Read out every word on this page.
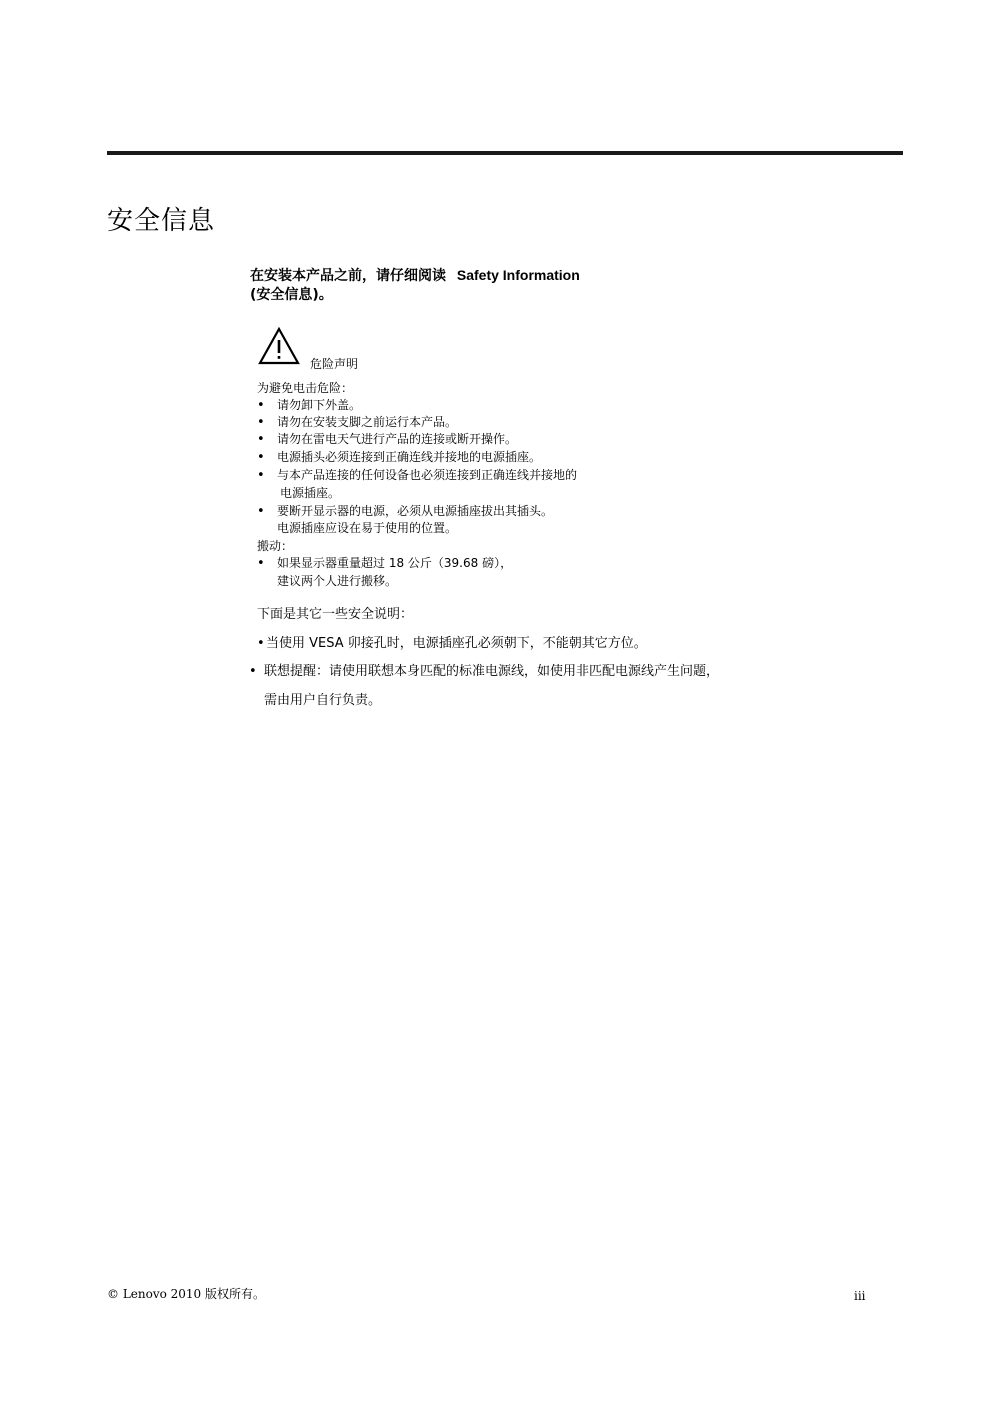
安全信息
在安装本产品之前，请仔细阅读 Safety Information
(安全信息)。
危险声明
为避免电击危险：
• 请勿卸下外盖。
• 请勿在安装支脚之前运行本产品。
• 请勿在雷电天气进行产品的连接或断开操作。
• 电源插头必须连接到正确连线并接地的电源插座。
• 与本产品连接的任何设备也必须连接到正确连线并接地的
电源插座。
• 要断开显示器的电源，必须从电源插座拔出其插头。
电源插座应设在易于使用的位置。
搬动：
• 如果显示器重量超过 18 公斤（39.68 磅），
建议两个人进行搬移。
下面是其它一些安全说明：
• 当使用 VESA 卯接孔时，电源插座孔必须朝下，不能朝其它方位。
• 联想提醒：请使用联想本身匹配的标准电源线，如使用非匹配电源线产生问题，
需由用户自行负责。
© Lenovo 2010 版权所有。	iii
